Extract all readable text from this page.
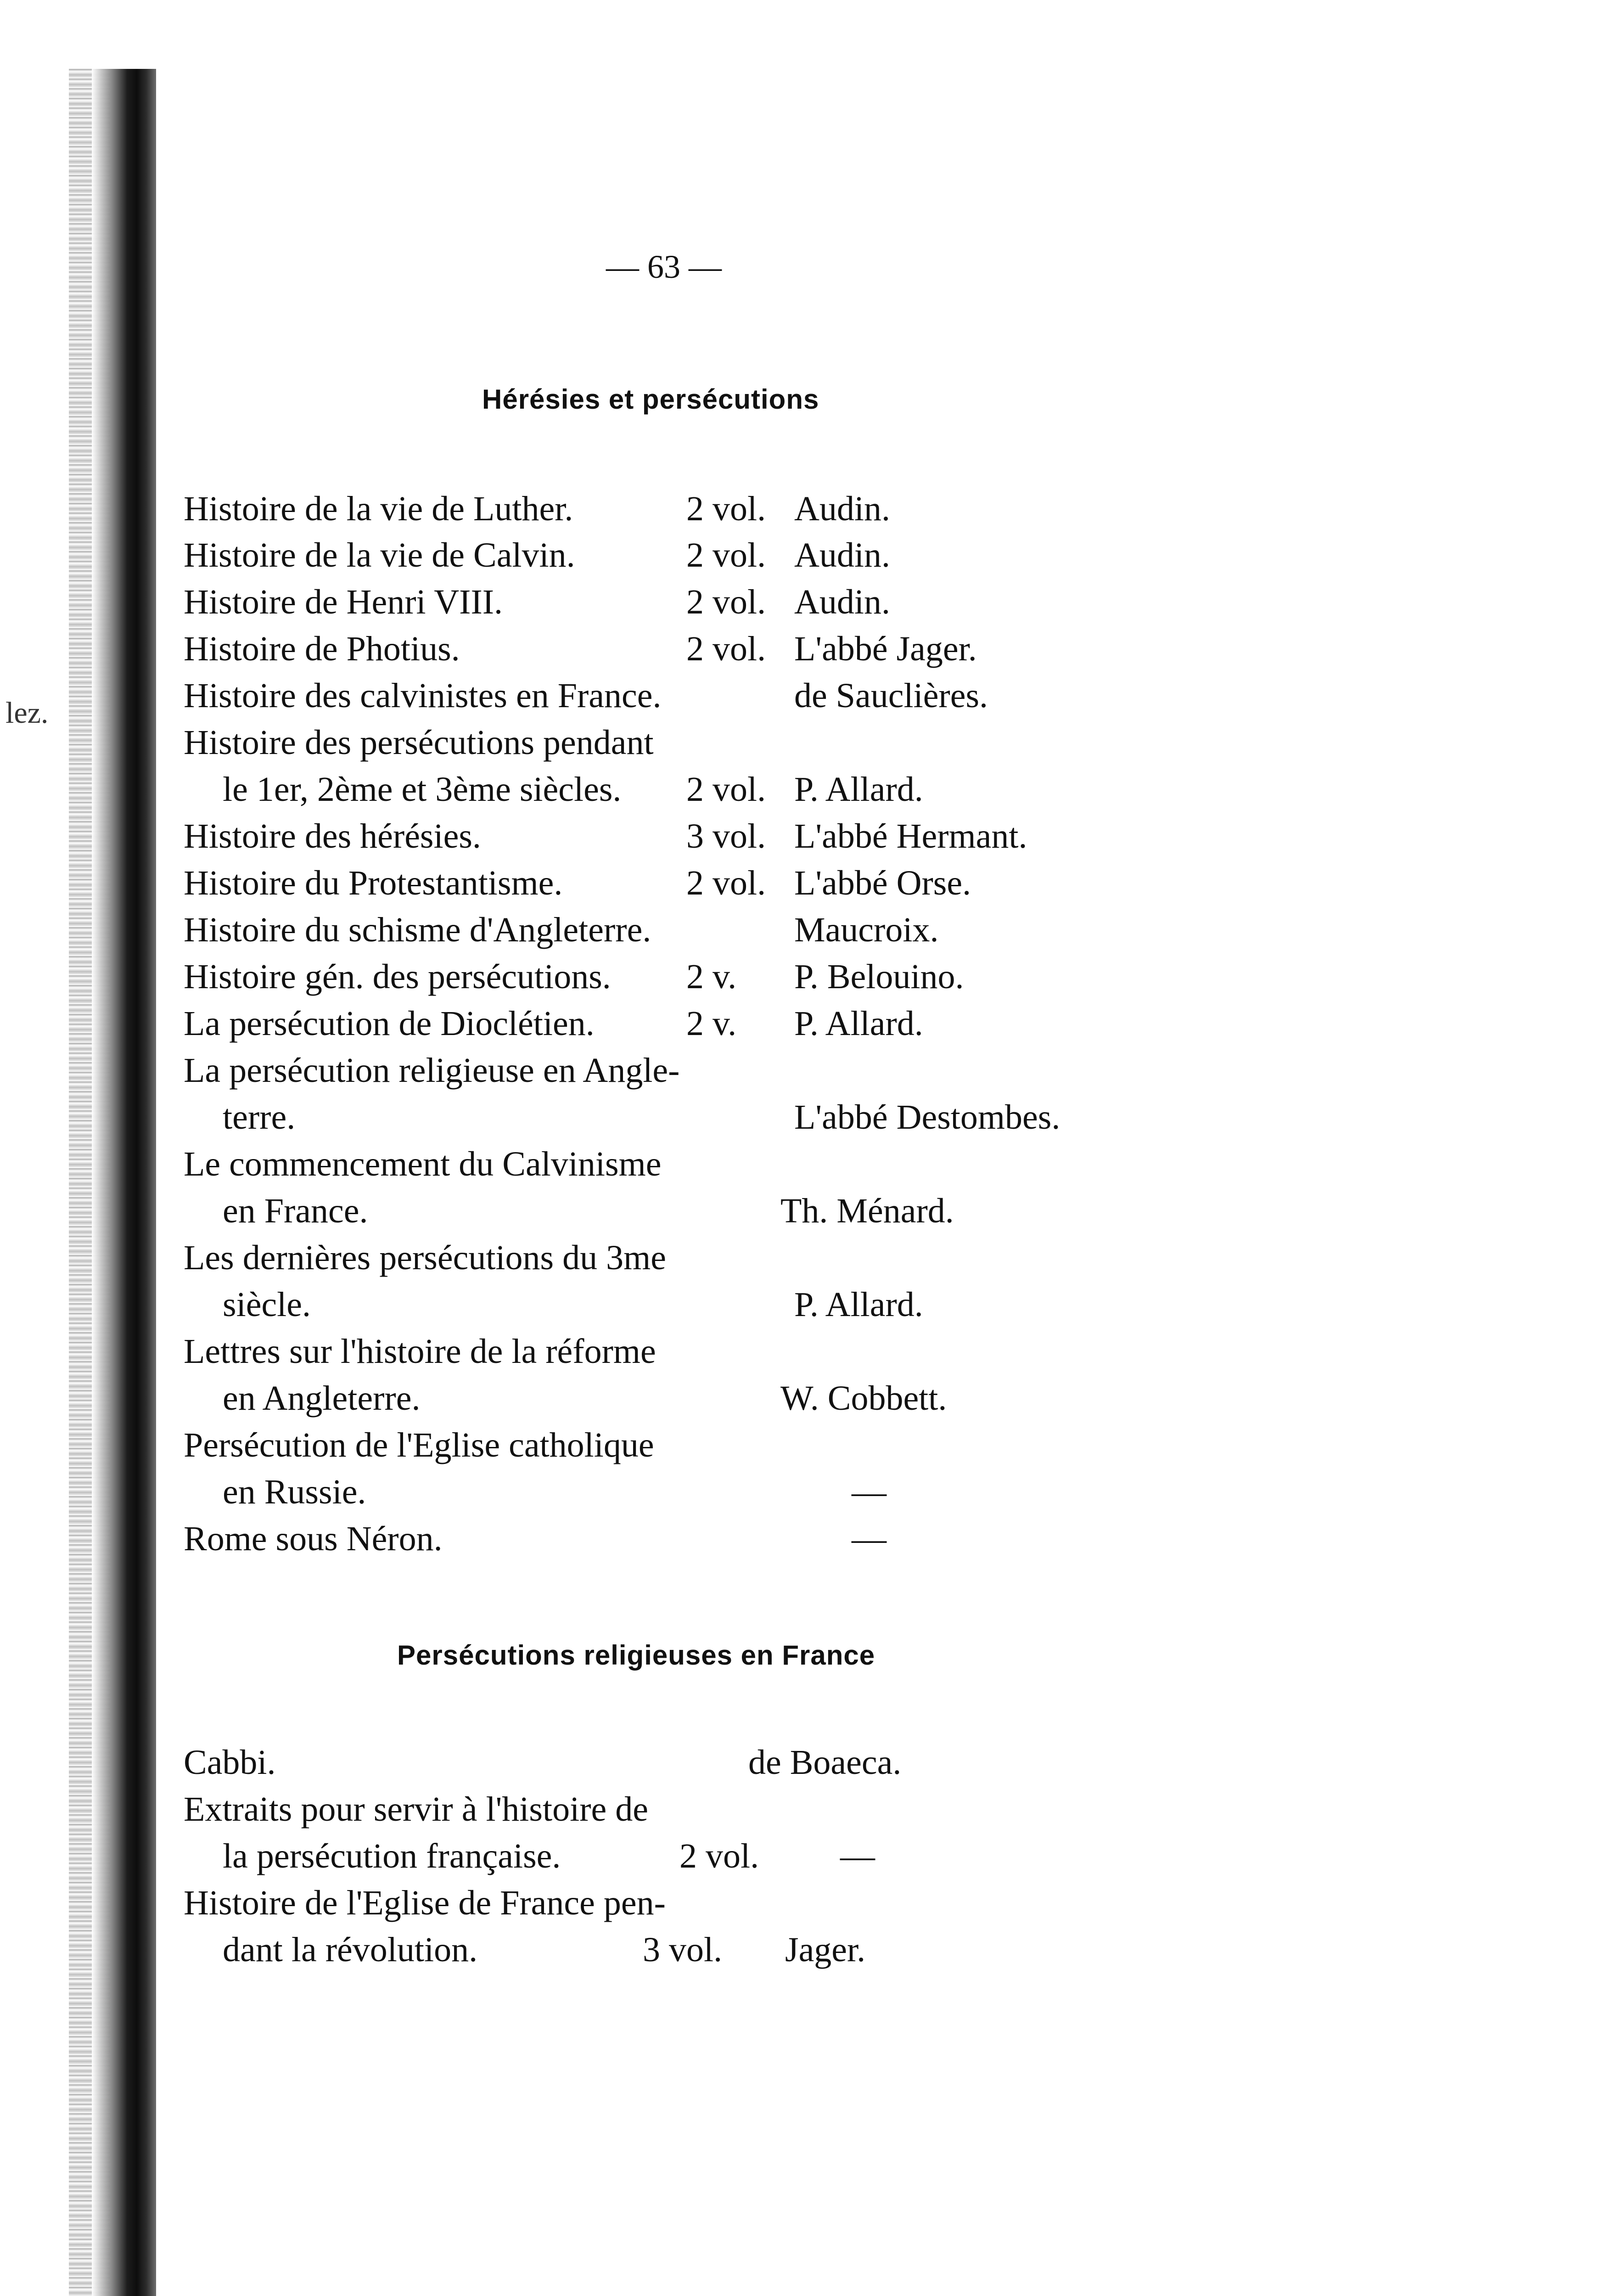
lez.
— 63 —
Hérésies et persécutions
Histoire de la vie de Luther.	2 vol. Audin.
Histoire de la vie de Calvin.	2 vol. Audin.
Histoire de Henri VIII.	2 vol. Audin.
Histoire de Photius.	2 vol. L'abbé Jager.
Histoire des calvinistes en France.	de Sauclières.
Histoire des persécutions pendant
le 1er, 2ème et 3ème siècles. 2 vol. P. Allard.
Histoire des hérésies.	3 vol. L'abbé Hermant.
Histoire du Protestantisme.	2 vol. L'abbé Orse.
Histoire du schisme d'Angleterre.	Maucroix.
Histoire gén. des persécutions. 2 v. P. Belouino.
La persécution de Dioclétien.	2 v. P. Allard.
La persécution religieuse en Angle-
terre.	L'abbé Destombes.
Le commencement du Calvinisme
en France.	Th. Ménard.
Les dernières persécutions du 3me
siècle.	P. Allard.
Lettres sur l'histoire de la réforme
en Angleterre.	W. Cobbett.
Persécution de l'Eglise catholique
en Russie.	—
Rome sous Néron.	—
Persécutions religieuses en France
Cabbi.	de Boaeca.
Extraits pour servir à l'histoire de
la persécution française.	2 vol. —
Histoire de l'Eglise de France pen-
dant la révolution.	3 vol. Jager.
